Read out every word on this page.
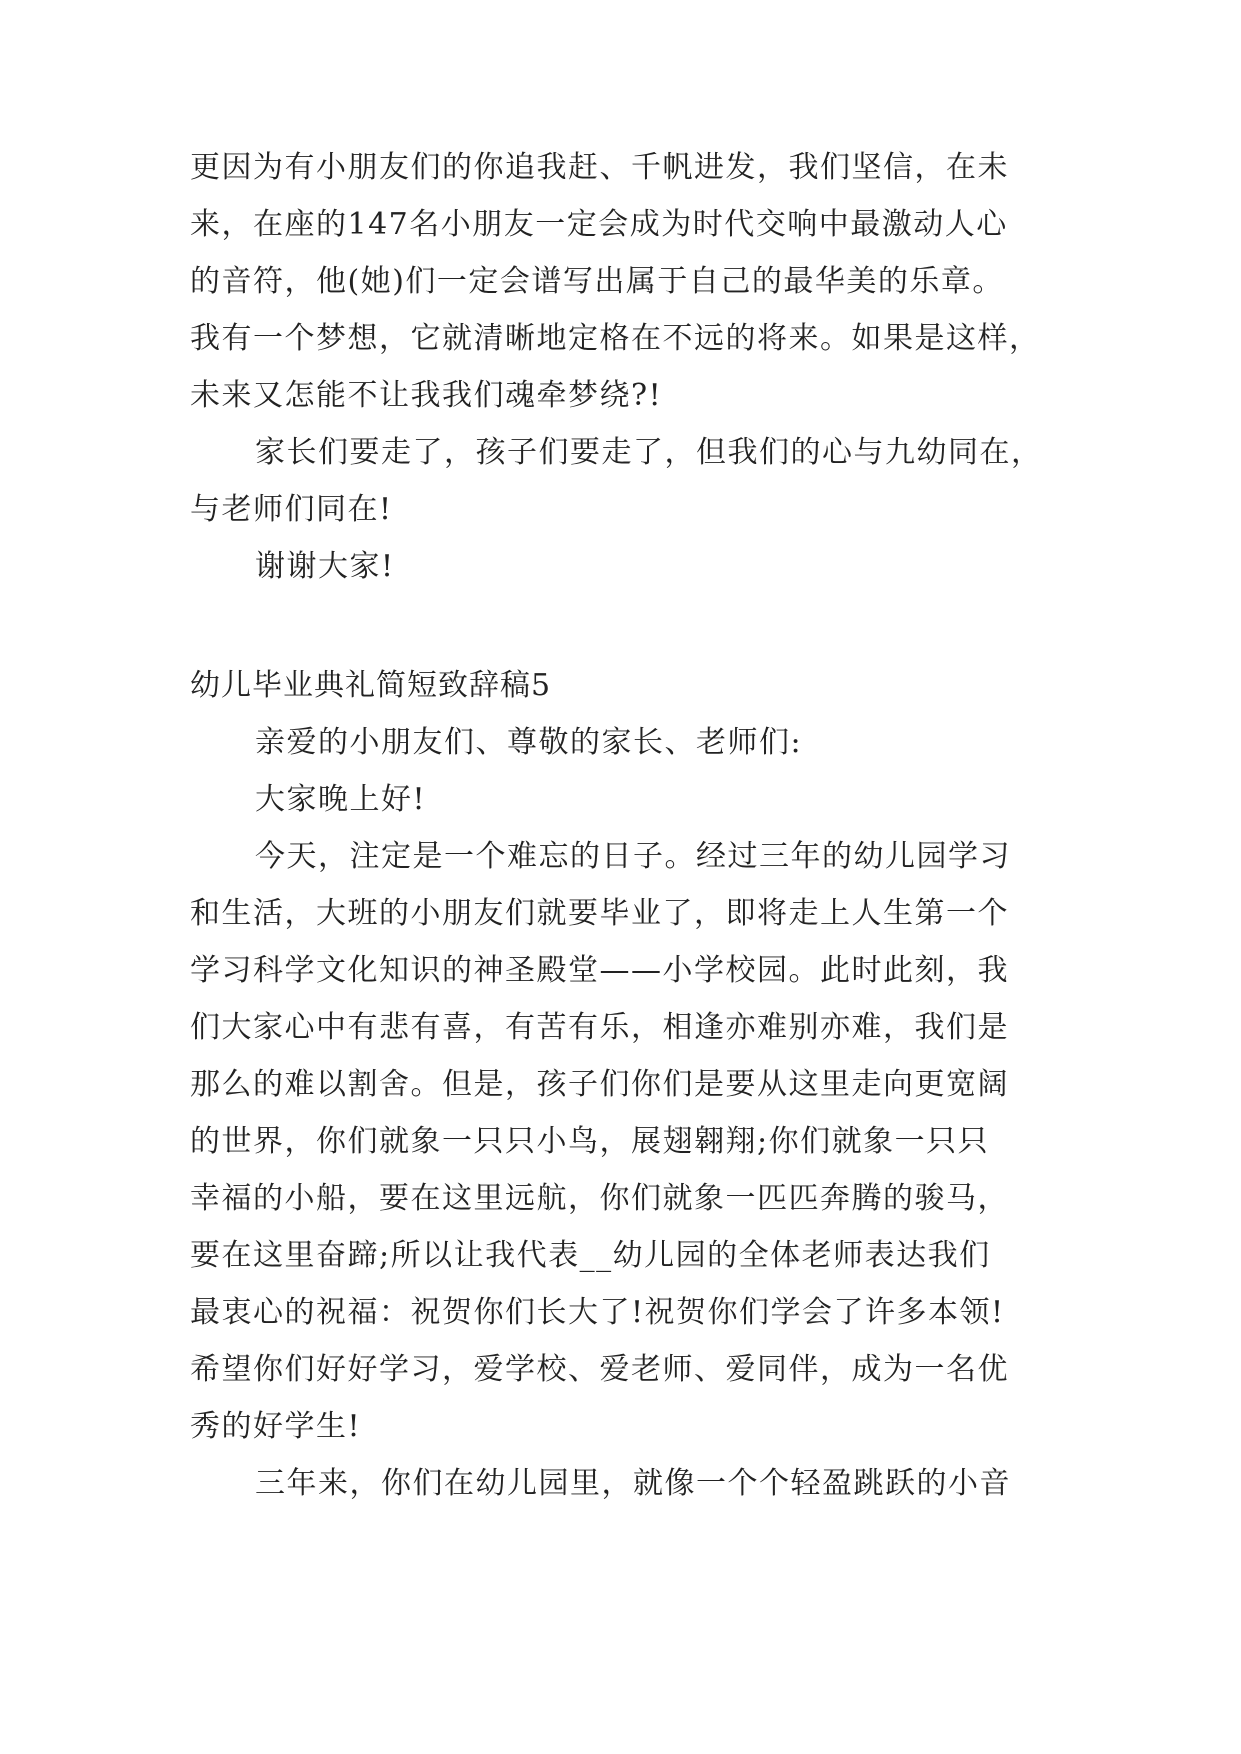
更因为有小朋友们的你追我赶、千帆进发，我们坚信，在未
来，在座的147名小朋友一定会成为时代交响中最激动人心
的音符，他(她)们一定会谱写出属于自己的最华美的乐章。
我有一个梦想，它就清晰地定格在不远的将来。如果是这样，
未来又怎能不让我我们魂牵梦绕?!
家长们要走了，孩子们要走了，但我们的心与九幼同在，
与老师们同在!
谢谢大家!
幼儿毕业典礼简短致辞稿5
亲爱的小朋友们、尊敬的家长、老师们:
大家晚上好!
今天，注定是一个难忘的日子。经过三年的幼儿园学习
和生活，大班的小朋友们就要毕业了，即将走上人生第一个
学习科学文化知识的神圣殿堂——小学校园。此时此刻，我
们大家心中有悲有喜，有苦有乐，相逢亦难别亦难，我们是
那么的难以割舍。但是，孩子们你们是要从这里走向更宽阔
的世界，你们就象一只只小鸟，展翅翱翔;你们就象一只只
幸福的小船，要在这里远航，你们就象一匹匹奔腾的骏马，
要在这里奋蹄;所以让我代表__幼儿园的全体老师表达我们
最衷心的祝福：祝贺你们长大了!祝贺你们学会了许多本领!
希望你们好好学习，爱学校、爱老师、爱同伴，成为一名优
秀的好学生!
三年来，你们在幼儿园里，就像一个个轻盈跳跃的小音
